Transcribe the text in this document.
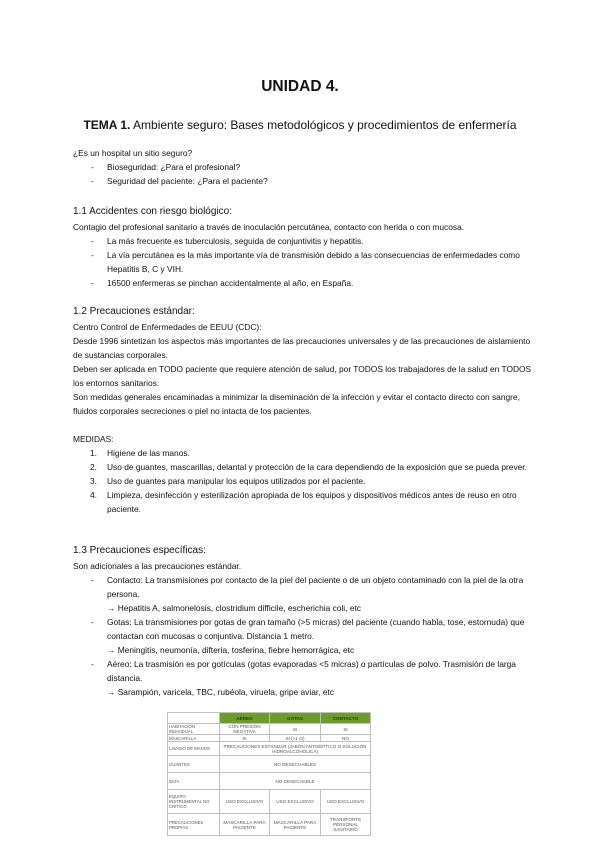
UNIDAD 4.
TEMA 1. Ambiente seguro: Bases metodológicos y procedimientos de enfermería

¿Es un hospital un sitio seguro?

- Bioseguridad: ¿Para el profesional?
- Seguridad del paciente: ¿Para el paciente?

1.1 Accidentes con riesgo biológico:

Contagio del profesional sanitario a través de inoculación percutánea, contacto con herida o con mucosa.

- La más frecuente es tuberculosis, seguida de conjuntivitis y hepatitis.
- La vía percutánea es la más importante vía de transmisión debido a las consecuencias de enfermedades como Hepatitis B, C y VIH.
- 16500 enfermeras se pinchan accidentalmente al año, en España.

1.2 Precauciones estándar:

Centro Control de Enfermedades de EEUU (CDC):

Desde 1996 sintetizan los aspectos más importantes de las precauciones universales y de las precauciones de aislamiento de sustancias corporales.

Deben ser aplicada en TODO paciente que requiere atención de salud, por TODOS los trabajadores de la salud en TODOS los entornos sanitarios.

Son medidas generales encaminadas a minimizar la diseminación de la infección y evitar el contacto directo con sangre, fluidos corporales secreciones o piel no intacta de los pacientes.

MEDIDAS:

1. Higiene de las manos.
2. Uso de guantes, mascarillas, delantal y protección de la cara dependiendo de la exposición que se pueda prever.
3. Uso de guantes para manipular los equipos utilizados por el paciente.
4. Limpieza, desinfección y esterilización apropiada de los equipos y dispositivos médicos antes de reuso en otro paciente.

1.3 Precauciones específicas:

Son adicionales a las precauciones estándar.

- Contacto: La transmisiones por contacto de la piel del paciente o de un objeto contaminado con la piel de la otra persona.
→ Hepatitis A, salmonelosis, clostridium difficile, escherichia coli, etc
- Gotas: La transmisiones por gotas de gran tamaño (>5 micras) del paciente (cuando habla, tose, estornuda) que contactan con mucosas o conjuntiva. Distancia 1 metro.
→ Meningitis, neumonía, difteria, tosferina, fiebre hemorrágica, etc
- Aéreo: La trasmisión es por gotículas (gotas evaporadas <5 micras) o partículas de polvo. Trasmisión de larga distancia.
→ Sarampión, varicela, TBC, rubéola, viruela, gripe aviar, etc
	AÉREO	GOTAS	CONTACTO
HABITACIÓN INDIVIDUAL	CON PRESIÓN NEGATIVA	SI	SI
MASCARILLA	SI	SI (>1 m)	NO
LAVADO DE MANOS	PRECAUCIONES ESTÁNDAR (JABÓN ANTISÉPTICO O SOLUCIÓN HIDROALCOHÓLICA)		
GUANTES	NO DESECHABLES		
BATA	NO DESECHABLE		
EQUIPO INSTRUMENTAL NO CRÍTICO	USO EXCLUSIVO	USO EXCLUSIVO	USO EXCLUSIVO
PRECAUCIONES PROPIAS	MASCARILLA PARA PACIENTE	MASCARILLA PARA PACIENTE	TRANSPORTE PERSONAL SANITARIO
